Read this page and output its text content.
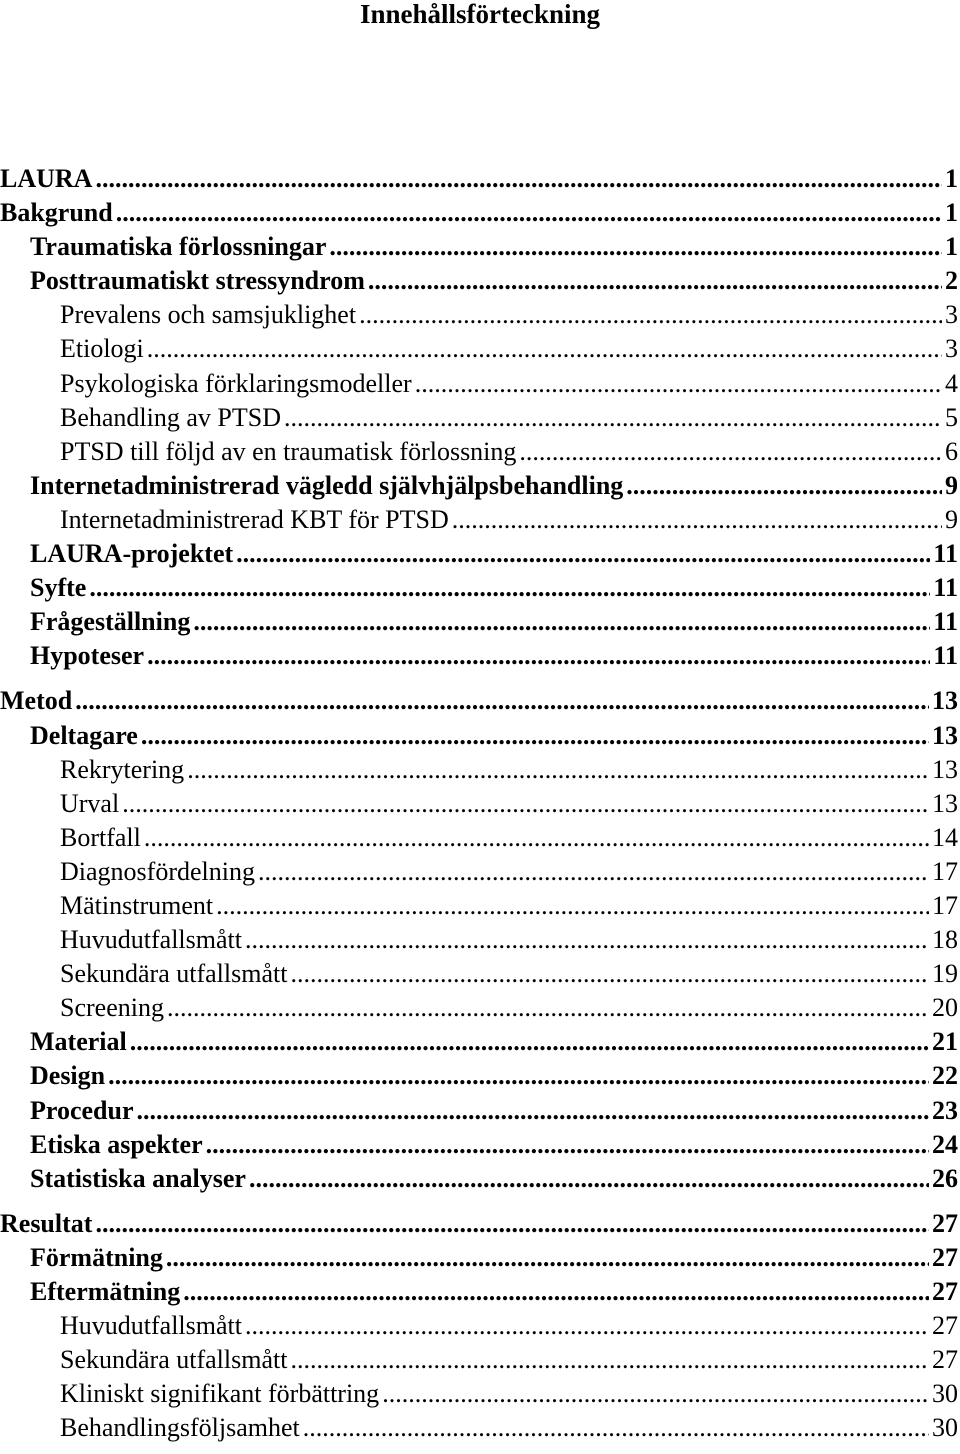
Innehållsförteckning
LAURA .....	1
Bakgrund .....	1
Traumatiska förlossningar .....	1
Posttraumatiskt stressyndrom .....	2
Prevalens och samsjuklighet .....	3
Etiologi .....	3
Psykologiska förklaringsmodeller .....	4
Behandling av PTSD .....	5
PTSD till följd av en traumatisk förlossning .....	6
Internetadministrerad vägledd självhjälpsbehandling .....	9
Internetadministrerad KBT för PTSD .....	9
LAURA-projektet .....	11
Syfte .....	11
Frågeställning .....	11
Hypoteser .....	11
Metod .....	13
Deltagare .....	13
Rekrytering .....	13
Urval .....	13
Bortfall .....	14
Diagnosfördelning .....	17
Mätinstrument .....	17
Huvudutfallsmått .....	18
Sekundära utfallsmått .....	19
Screening .....	20
Material .....	21
Design .....	22
Procedur .....	23
Etiska aspekter .....	24
Statistiska analyser .....	26
Resultat .....	27
Förmätning .....	27
Eftermätning .....	27
Huvudutfallsmått .....	27
Sekundära utfallsmått .....	27
Kliniskt signifikant förbättring .....	30
Behandlingsföljsamhet .....	30
